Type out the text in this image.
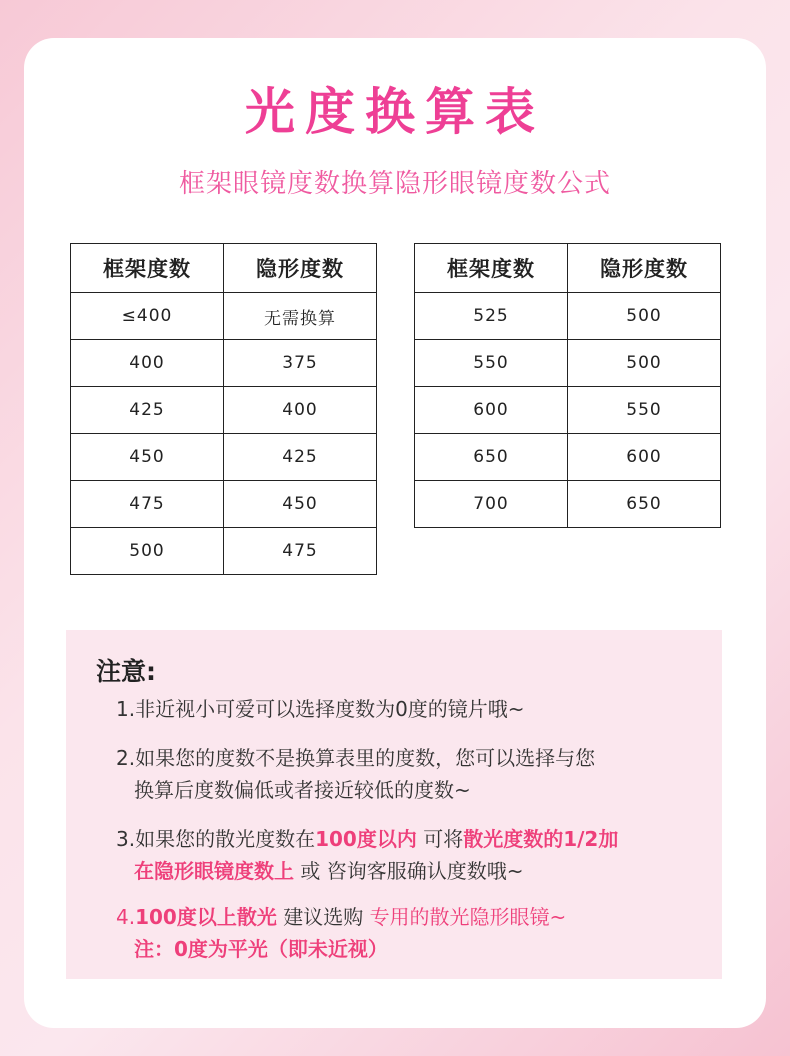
光度换算表

框架眼镜度数换算隐形眼镜度数公式

框架度数	隐形度数
≤400	无需换算
400	375
425	400
450	425
475	450
500	475
框架度数	隐形度数
525	500
550	500
600	550
650	600
700	650

注意:

1.非近视小可爱可以选择度数为0度的镜片哦~

2.如果您的度数不是换算表里的度数，您可以选择与您
换算后度数偏低或者接近较低的度数~

3.如果您的散光度数在100度以内 可将散光度数的1/2加
在隐形眼镜度数上 或 咨询客服确认度数哦~

4.100度以上散光 建议选购 专用的散光隐形眼镜~
注：0度为平光（即未近视）
